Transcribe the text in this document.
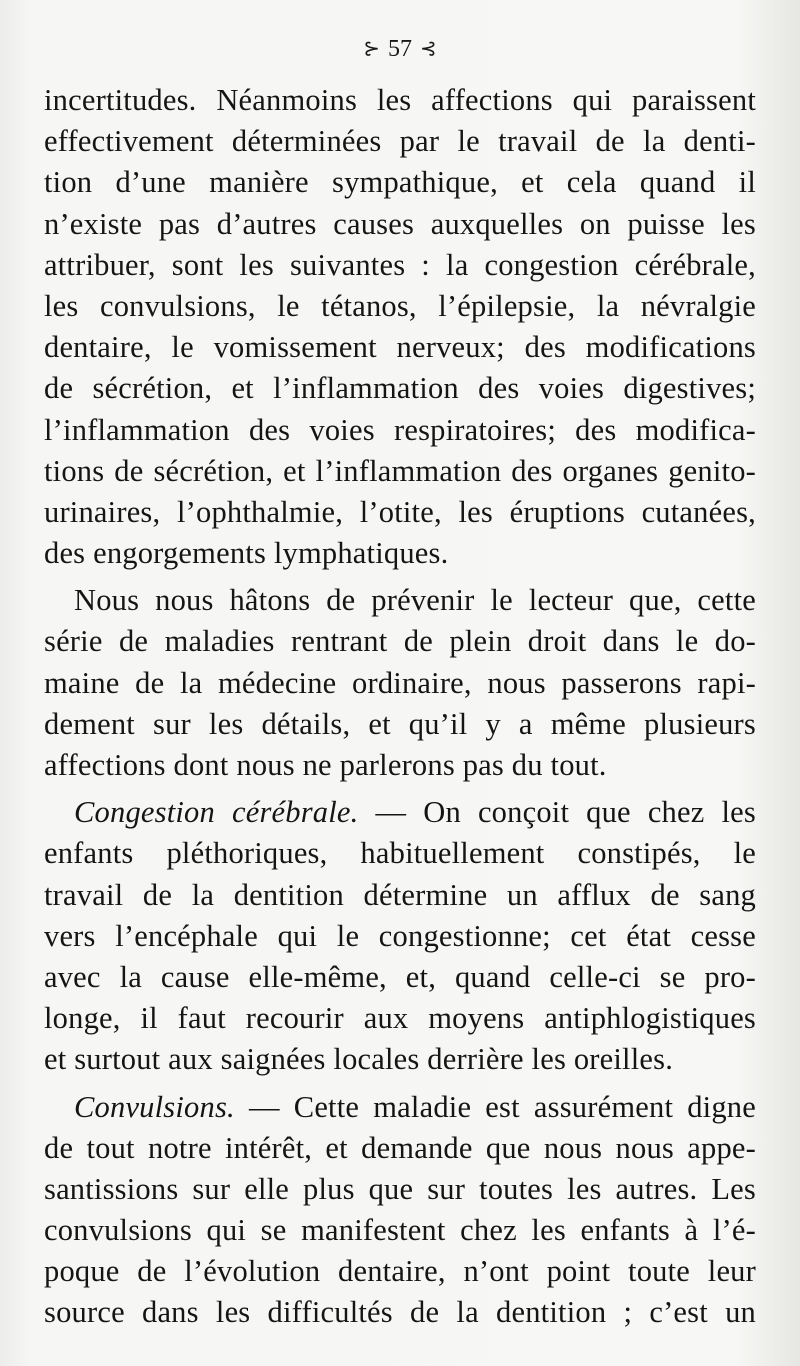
⊱ 57 ⊰
incertitudes. Néanmoins les affections qui paraissent
effectivement déterminées par le travail de la denti-
tion d’une manière sympathique, et cela quand il
n’existe pas d’autres causes auxquelles on puisse les
attribuer, sont les suivantes : la congestion cérébrale,
les convulsions, le tétanos, l’épilepsie, la névralgie
dentaire, le vomissement nerveux; des modifications
de sécrétion, et l’inflammation des voies digestives;
l’inflammation des voies respiratoires; des modifica-
tions de sécrétion, et l’inflammation des organes genito-
urinaires, l’ophthalmie, l’otite, les éruptions cutanées,
des engorgements lymphatiques.
Nous nous hâtons de prévenir le lecteur que, cette
série de maladies rentrant de plein droit dans le do-
maine de la médecine ordinaire, nous passerons rapi-
dement sur les détails, et qu’il y a même plusieurs
affections dont nous ne parlerons pas du tout.
Congestion cérébrale. — On conçoit que chez les
enfants pléthoriques, habituellement constipés, le
travail de la dentition détermine un afflux de sang
vers l’encéphale qui le congestionne; cet état cesse
avec la cause elle-même, et, quand celle-ci se pro-
longe, il faut recourir aux moyens antiphlogistiques
et surtout aux saignées locales derrière les oreilles.
Convulsions. — Cette maladie est assurément digne
de tout notre intérêt, et demande que nous nous appe-
santissions sur elle plus que sur toutes les autres. Les
convulsions qui se manifestent chez les enfants à l’é-
poque de l’évolution dentaire, n’ont point toute leur
source dans les difficultés de la dentition ; c’est un
